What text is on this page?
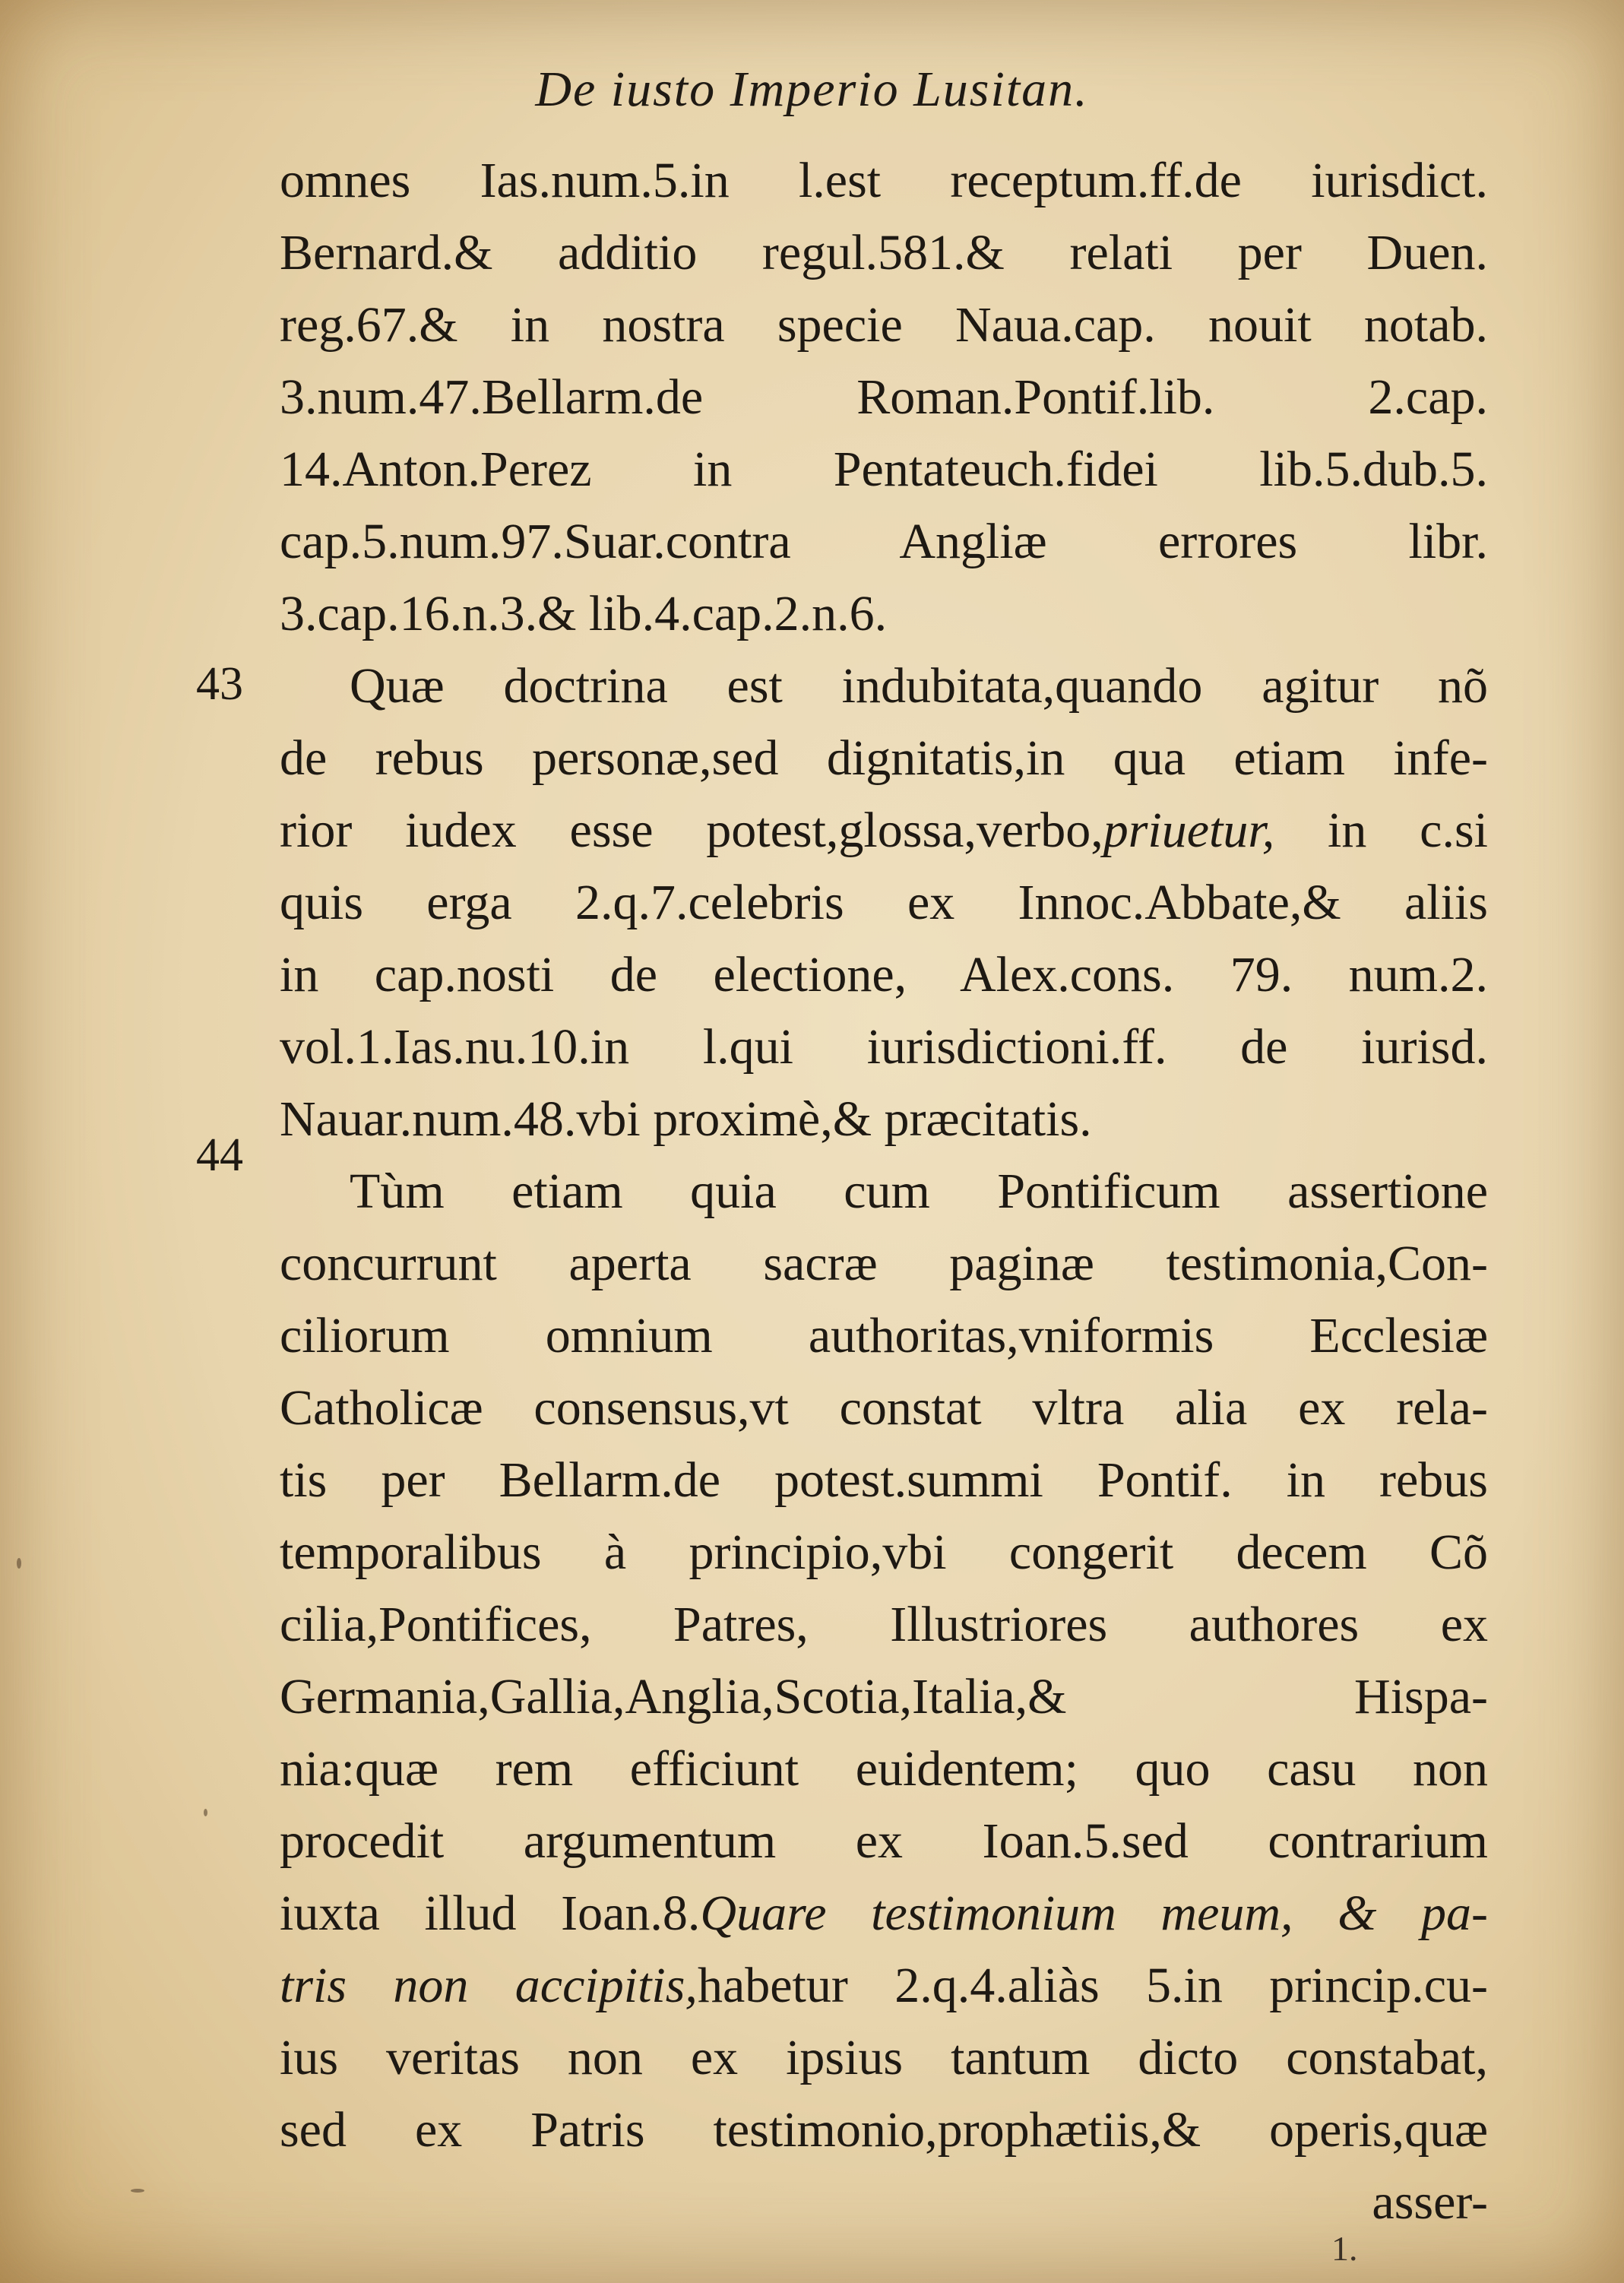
De iusto Imperio Lusitan.
43
44
omnes Ias.num.5.in l.est receptum.ff.de iurisdict.
Bernard.& additio regul.581.& relati per Duen.
reg.67.& in nostra specie Naua.cap. nouit notab.
3.num.47.Bellarm.de Roman.Pontif.lib. 2.cap.
14.Anton.Perez in Pentateuch.fidei lib.5.dub.5.
cap.5.num.97.Suar.contra Angliæ errores libr.
3.cap.16.n.3.& lib.4.cap.2.n.6.
Quæ doctrina est indubitata,quando agitur nõ
de rebus personæ,sed dignitatis,in qua etiam infe-
rior iudex esse potest,glossa,verbo,priuetur, in c.si
quis erga 2.q.7.celebris ex Innoc.Abbate,& aliis
in cap.nosti de electione, Alex.cons. 79. num.2.
vol.1.Ias.nu.10.in l.qui iurisdictioni.ff. de iurisd.
Nauar.num.48.vbi proximè,& præcitatis.
Tùm etiam quia cum Pontificum assertione
concurrunt aperta sacræ paginæ testimonia,Con-
ciliorum omnium authoritas,vniformis Ecclesiæ
Catholicæ consensus,vt constat vltra alia ex rela-
tis per Bellarm.de potest.summi Pontif. in rebus
temporalibus à principio,vbi congerit decem Cõ
cilia,Pontifices, Patres, Illustriores authores ex
Germania,Gallia,Anglia,Scotia,Italia,& Hispa-
nia:quæ rem efficiunt euidentem; quo casu non
procedit argumentum ex Ioan.5.sed contrarium
iuxta illud Ioan.8.Quare testimonium meum, & pa-
tris non accipitis,habetur 2.q.4.aliàs 5.in princip.cu-
ius veritas non ex ipsius tantum dicto constabat,
sed ex Patris testimonio,prophætiis,& operis,quæ
asser-
1.
